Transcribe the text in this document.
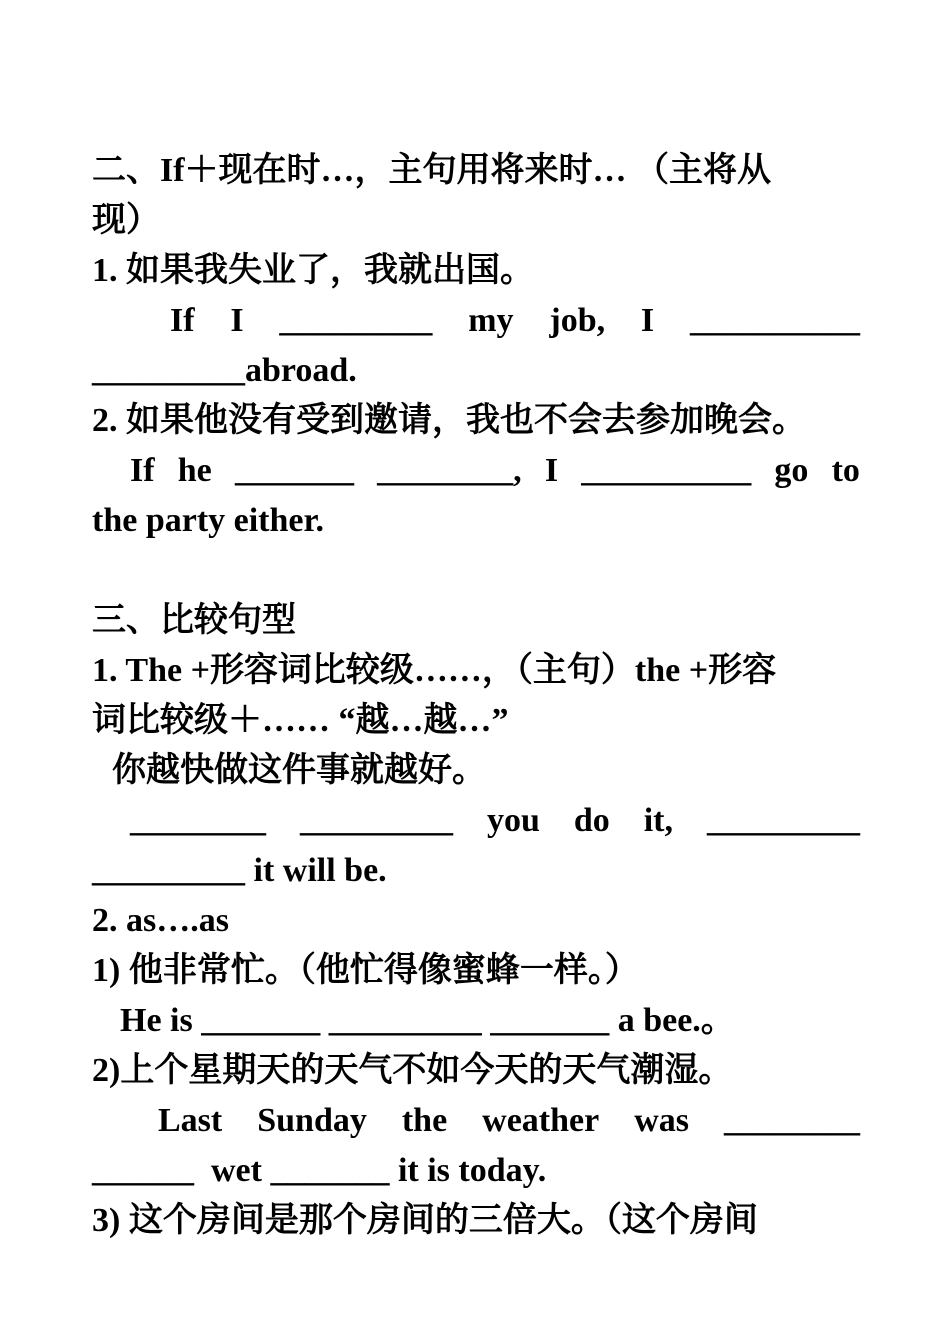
二、If＋现在时…，主句用将来时… （主将从
现）
1. 如果我失业了，我就出国。
If I _________ my job, I __________
_________abroad.
2. 如果他没有受到邀请，我也不会去参加晚会。
If he _______ ________, I __________ go to
the party either.
三、比较句型
1. The +形容词比较级……，（主句）the +形容
词比较级＋…… “越…越…”
你越快做这件事就越好。
________ _________ you do it, _________
_________ it will be.
2. as….as
1) 他非常忙。（他忙得像蜜蜂一样。）
He is _______ _________ _______ a bee.。
2)上个星期天的天气不如今天的天气潮湿。
Last Sunday the weather was ________
______  wet _______ it is today.
3) 这个房间是那个房间的三倍大。（这个房间
